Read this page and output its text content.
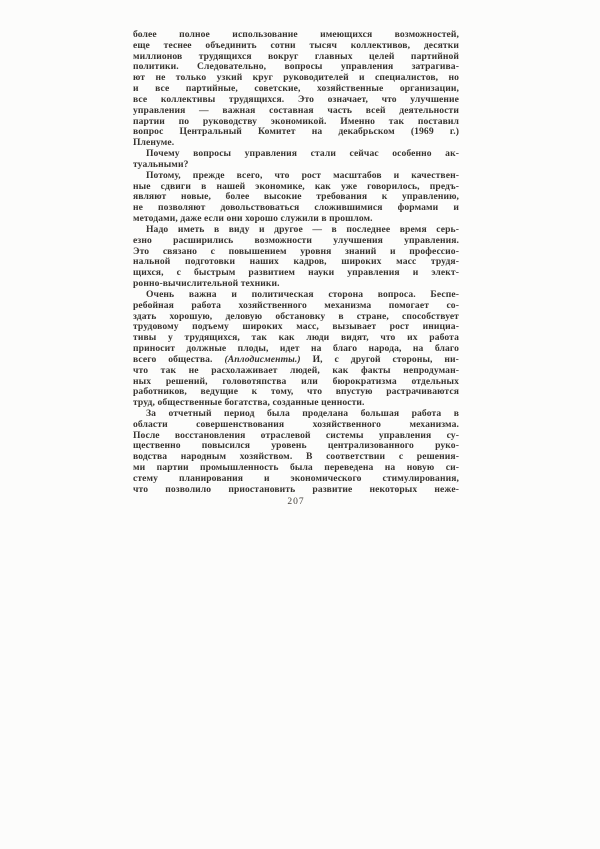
более полное использование имеющихся возможностей,
еще теснее объединить сотни тысяч коллективов, десятки
миллионов трудящихся вокруг главных целей партийной
политики. Следовательно, вопросы управления затрагива-
ют не только узкий круг руководителей и специалистов, но
и все партийные, советские, хозяйственные организации,
все коллективы трудящихся. Это означает, что улучшение
управления — важная составная часть всей деятельности
партии по руководству экономикой. Именно так поставил
вопрос Центральный Комитет на декабрьском (1969 г.)
Пленуме.
Почему вопросы управления стали сейчас особенно ак-
туальными?
Потому, прежде всего, что рост масштабов и качествен-
ные сдвиги в нашей экономике, как уже говорилось, предъ-
являют новые, более высокие требования к управлению,
не позволяют довольствоваться сложившимися формами и
методами, даже если они хорошо служили в прошлом.
Надо иметь в виду и другое — в последнее время серь-
езно расширились возможности улучшения управления.
Это связано с повышением уровня знаний и профессио-
нальной подготовки наших кадров, широких масс трудя-
щихся, с быстрым развитием науки управления и элект-
ронно-вычислительной техники.
Очень важна и политическая сторона вопроса. Беспе-
ребойная работа хозяйственного механизма помогает со-
здать хорошую, деловую обстановку в стране, способствует
трудовому подъему широких масс, вызывает рост инициа-
тивы у трудящихся, так как люди видят, что их работа
приносит должные плоды, идет на благо народа, на благо
всего общества. (Аплодисменты.) И, с другой стороны, ни-
что так не расхолаживает людей, как факты непродуман-
ных решений, головотяпства или бюрократизма отдельных
работников, ведущие к тому, что впустую растрачиваются
труд, общественные богатства, созданные ценности.
За отчетный период была проделана большая работа в
области совершенствования хозяйственного механизма.
После восстановления отраслевой системы управления су-
щественно повысился уровень централизованного руко-
водства народным хозяйством. В соответствии с решения-
ми партии промышленность была переведена на новую си-
стему планирования и экономического стимулирования,
что позволило приостановить развитие некоторых неже-
207
